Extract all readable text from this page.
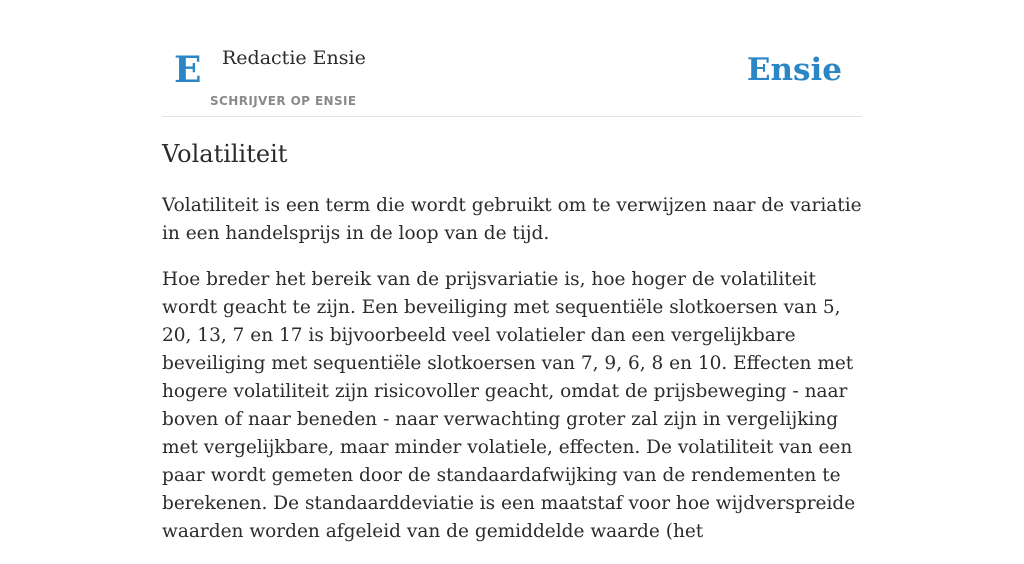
E Redactie Ensie
SCHRIJVER OP ENSIE
Ensie
Volatiliteit

Volatiliteit is een term die wordt gebruikt om te verwijzen naar de variatie in een handelsprijs in de loop van de tijd.

Hoe breder het bereik van de prijsvariatie is, hoe hoger de volatiliteit wordt geacht te zijn. Een beveiliging met sequentiële slotkoersen van 5, 20, 13, 7 en 17 is bijvoorbeeld veel volatieler dan een vergelijkbare beveiliging met sequentiële slotkoersen van 7, 9, 6, 8 en 10. Effecten met hogere volatiliteit zijn risicovoller geacht, omdat de prijsbeweging - naar boven of naar beneden - naar verwachting groter zal zijn in vergelijking met vergelijkbare, maar minder volatiele, effecten. De volatiliteit van een paar wordt gemeten door de standaardafwijking van de rendementen te berekenen. De standaarddeviatie is een maatstaf voor hoe wijdverspreide waarden worden afgeleid van de gemiddelde waarde (het
